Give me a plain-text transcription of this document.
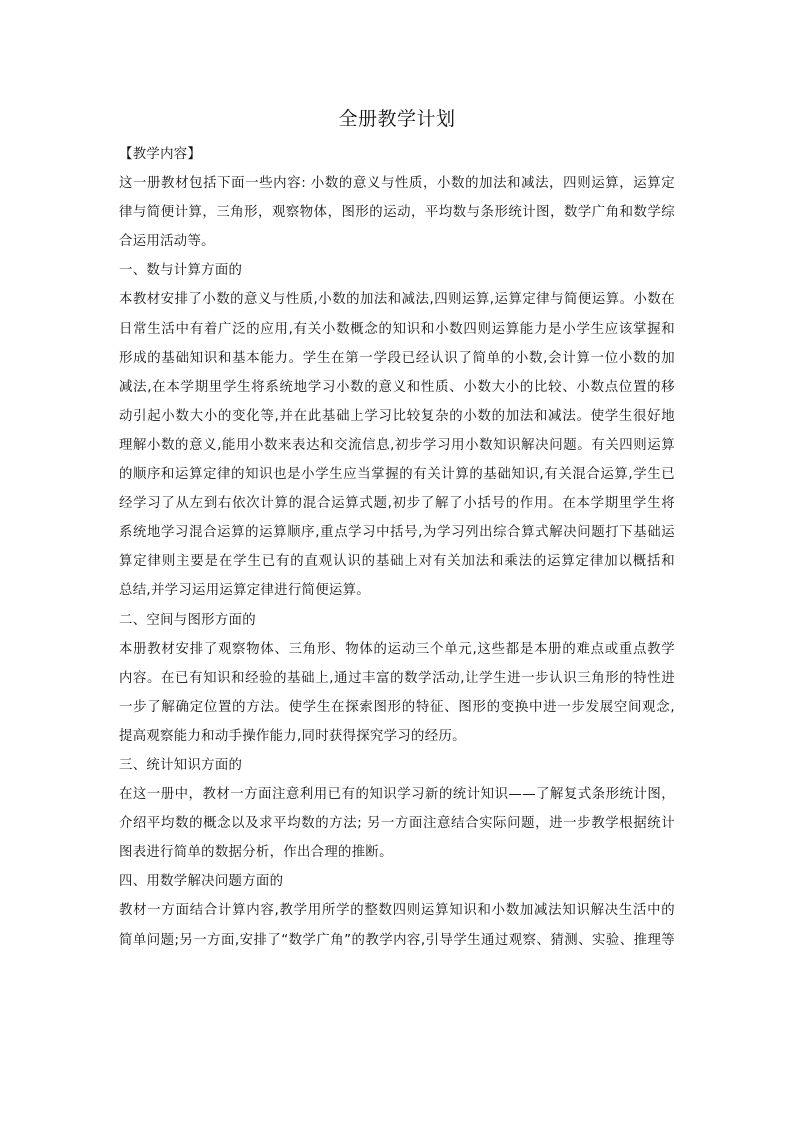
全册教学计划

【教学内容】

这一册教材包括下面一些内容: 小数的意义与性质，小数的加法和减法，四则运算，运算定

律与简便计算，三角形，观察物体，图形的运动，平均数与条形统计图，数学广角和数学综

合运用活动等。

一、数与计算方面的

本教材安排了小数的意义与性质,小数的加法和减法,四则运算,运算定律与简便运算。小数在

日常生活中有着广泛的应用,有关小数概念的知识和小数四则运算能力是小学生应该掌握和

形成的基础知识和基本能力。学生在第一学段已经认识了简单的小数,会计算一位小数的加

减法,在本学期里学生将系统地学习小数的意义和性质、小数大小的比较、小数点位置的移

动引起小数大小的变化等,并在此基础上学习比较复杂的小数的加法和减法。使学生很好地

理解小数的意义,能用小数来表达和交流信息,初步学习用小数知识解决问题。有关四则运算

的顺序和运算定律的知识也是小学生应当掌握的有关计算的基础知识,有关混合运算,学生已

经学习了从左到右依次计算的混合运算式题,初步了解了小括号的作用。在本学期里学生将

系统地学习混合运算的运算顺序,重点学习中括号,为学习列出综合算式解决问题打下基础运

算定律则主要是在学生已有的直观认识的基础上对有关加法和乘法的运算定律加以概括和

总结,并学习运用运算定律进行简便运算。

二、空间与图形方面的

本册教材安排了观察物体、三角形、物体的运动三个单元,这些都是本册的难点或重点教学

内容。在已有知识和经验的基础上,通过丰富的数学活动,让学生进一步认识三角形的特性进

一步了解确定位置的方法。使学生在探索图形的特征、图形的变换中进一步发展空间观念,

提高观察能力和动手操作能力,同时获得探究学习的经历。

三、统计知识方面的

在这一册中，教材一方面注意利用已有的知识学习新的统计知识——了解复式条形统计图，

介绍平均数的概念以及求平均数的方法; 另一方面注意结合实际问题，进一步教学根据统计

图表进行简单的数据分析，作出合理的推断。

四、用数学解决问题方面的

教材一方面结合计算内容,教学用所学的整数四则运算知识和小数加减法知识解决生活中的

简单问题;另一方面,安排了“数学广角”的教学内容,引导学生通过观察、猜测、实验、推理等
